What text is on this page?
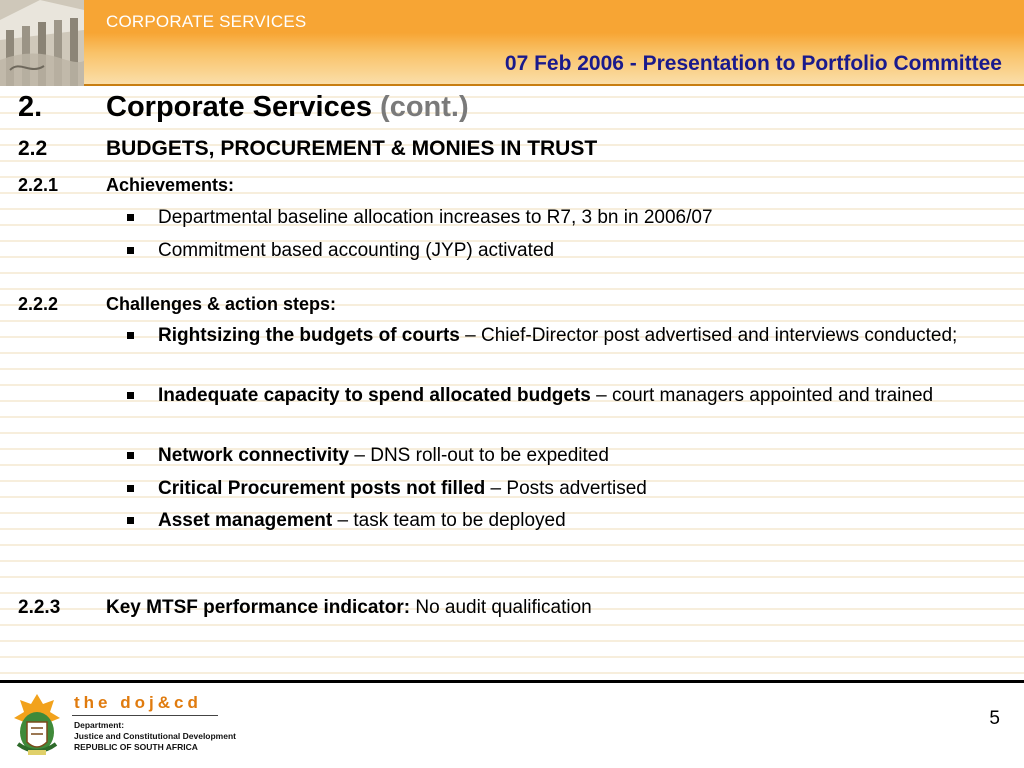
CORPORATE SERVICES
07 Feb 2006 - Presentation to Portfolio Committee
2. Corporate Services (cont.)
2.2	BUDGETS, PROCUREMENT & MONIES IN TRUST
2.2.1	Achievements:
Departmental baseline allocation increases to R7, 3 bn in 2006/07
Commitment based accounting (JYP) activated
2.2.2	Challenges & action steps:
Rightsizing the budgets of courts – Chief-Director post advertised and interviews conducted;
Inadequate capacity to spend allocated budgets – court managers appointed and trained
Network connectivity – DNS roll-out to be expedited
Critical Procurement posts not filled – Posts advertised
Asset management – task team to be deployed
2.2.3 Key MTSF performance indicator: No audit qualification
the doj&cd
Department:
Justice and Constitutional Development
REPUBLIC OF SOUTH AFRICA
5
